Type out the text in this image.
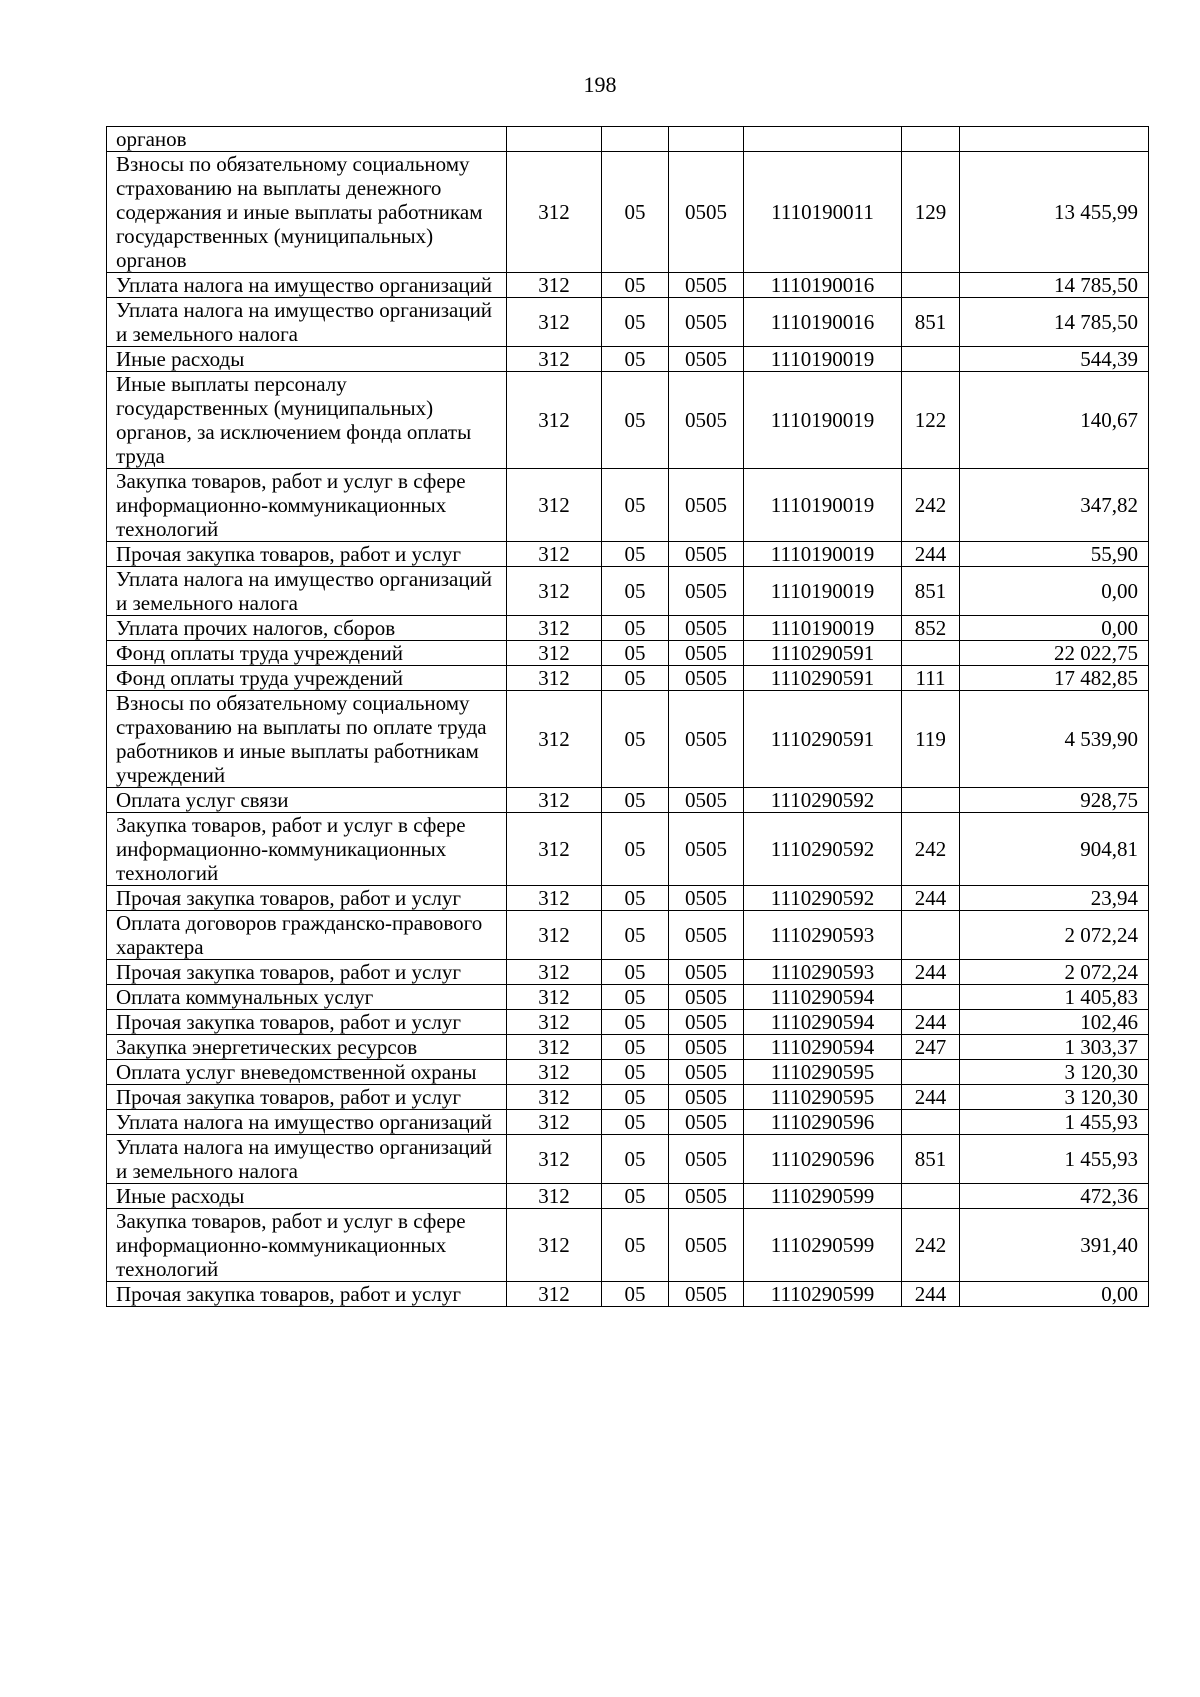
198
органов						
Взносы по обязательному социальному страхованию на выплаты денежного содержания и иные выплаты работникам государственных (муниципальных) органов	312	05	0505	1110190011	129	13 455,99
Уплата налога на имущество организаций	312	05	0505	1110190016		14 785,50
Уплата налога на имущество организаций и земельного налога	312	05	0505	1110190016	851	14 785,50
Иные расходы	312	05	0505	1110190019		544,39
Иные выплаты персоналу государственных (муниципальных) органов, за исключением фонда оплаты труда	312	05	0505	1110190019	122	140,67
Закупка товаров, работ и услуг в сфере информационно-коммуникационных технологий	312	05	0505	1110190019	242	347,82
Прочая закупка товаров, работ и услуг	312	05	0505	1110190019	244	55,90
Уплата налога на имущество организаций и земельного налога	312	05	0505	1110190019	851	0,00
Уплата прочих налогов, сборов	312	05	0505	1110190019	852	0,00
Фонд оплаты труда учреждений	312	05	0505	1110290591		22 022,75
Фонд оплаты труда учреждений	312	05	0505	1110290591	111	17 482,85
Взносы по обязательному социальному страхованию на выплаты по оплате труда работников и иные выплаты работникам учреждений	312	05	0505	1110290591	119	4 539,90
Оплата услуг связи	312	05	0505	1110290592		928,75
Закупка товаров, работ и услуг в сфере информационно-коммуникационных технологий	312	05	0505	1110290592	242	904,81
Прочая закупка товаров, работ и услуг	312	05	0505	1110290592	244	23,94
Оплата договоров гражданско-правового характера	312	05	0505	1110290593		2 072,24
Прочая закупка товаров, работ и услуг	312	05	0505	1110290593	244	2 072,24
Оплата коммунальных услуг	312	05	0505	1110290594		1 405,83
Прочая закупка товаров, работ и услуг	312	05	0505	1110290594	244	102,46
Закупка энергетических ресурсов	312	05	0505	1110290594	247	1 303,37
Оплата услуг вневедомственной охраны	312	05	0505	1110290595		3 120,30
Прочая закупка товаров, работ и услуг	312	05	0505	1110290595	244	3 120,30
Уплата налога на имущество организаций	312	05	0505	1110290596		1 455,93
Уплата налога на имущество организаций и земельного налога	312	05	0505	1110290596	851	1 455,93
Иные расходы	312	05	0505	1110290599		472,36
Закупка товаров, работ и услуг в сфере информационно-коммуникационных технологий	312	05	0505	1110290599	242	391,40
Прочая закупка товаров, работ и услуг	312	05	0505	1110290599	244	0,00
